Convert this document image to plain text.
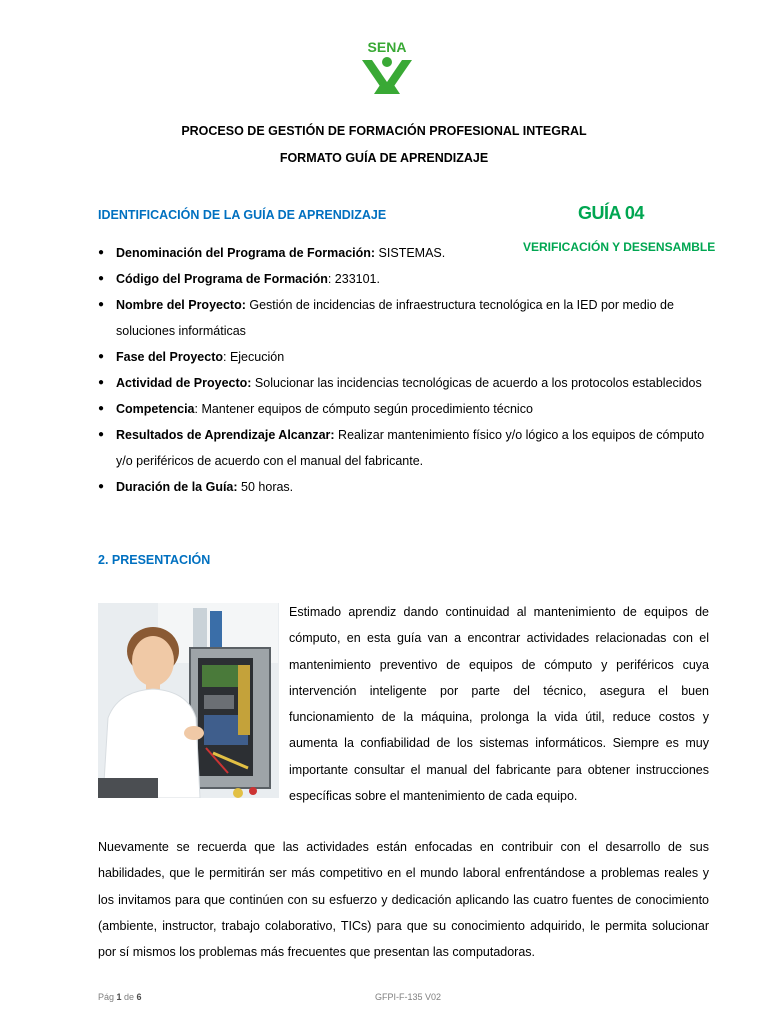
SENA
PROCESO DE GESTIÓN DE FORMACIÓN PROFESIONAL INTEGRAL
FORMATO GUÍA DE APRENDIZAJE
IDENTIFICACIÓN DE LA GUÍA DE APRENDIZAJE	GUÍA 04
VERIFICACIÓN Y DESENSAMBLE
● Denominación del Programa de Formación: SISTEMAS.
● Código del Programa de Formación: 233101.
● Nombre del Proyecto: Gestión de incidencias de infraestructura tecnológica en la IED por medio de soluciones informáticas
● Fase del Proyecto: Ejecución
● Actividad de Proyecto: Solucionar las incidencias tecnológicas de acuerdo a los protocolos establecidos
● Competencia: Mantener equipos de cómputo según procedimiento técnico
● Resultados de Aprendizaje Alcanzar: Realizar mantenimiento físico y/o lógico a los equipos de cómputo y/o periféricos de acuerdo con el manual del fabricante.
● Duración de la Guía: 50 horas.
2. PRESENTACIÓN
Estimado aprendiz dando continuidad al mantenimiento de equipos de cómputo, en esta guía van a encontrar actividades relacionadas con el mantenimiento preventivo de equipos de cómputo y periféricos cuya intervención inteligente por parte del técnico, asegura el buen funcionamiento de la máquina, prolonga la vida útil, reduce costos y aumenta la confiabilidad de los sistemas informáticos. Siempre es muy importante consultar el manual del fabricante para obtener instrucciones específicas sobre el mantenimiento de cada equipo.
Nuevamente se recuerda que las actividades están enfocadas en contribuir con el desarrollo de sus habilidades, que le permitirán ser más competitivo en el mundo laboral enfrentándose a problemas reales y los invitamos para que continúen con su esfuerzo y dedicación aplicando las cuatro fuentes de conocimiento (ambiente, instructor, trabajo colaborativo, TICs) para que su conocimiento adquirido, le permita solucionar por sí mismos los problemas más frecuentes que presentan las computadoras.
Pág 1 de 6	GFPI-F-135 V02
